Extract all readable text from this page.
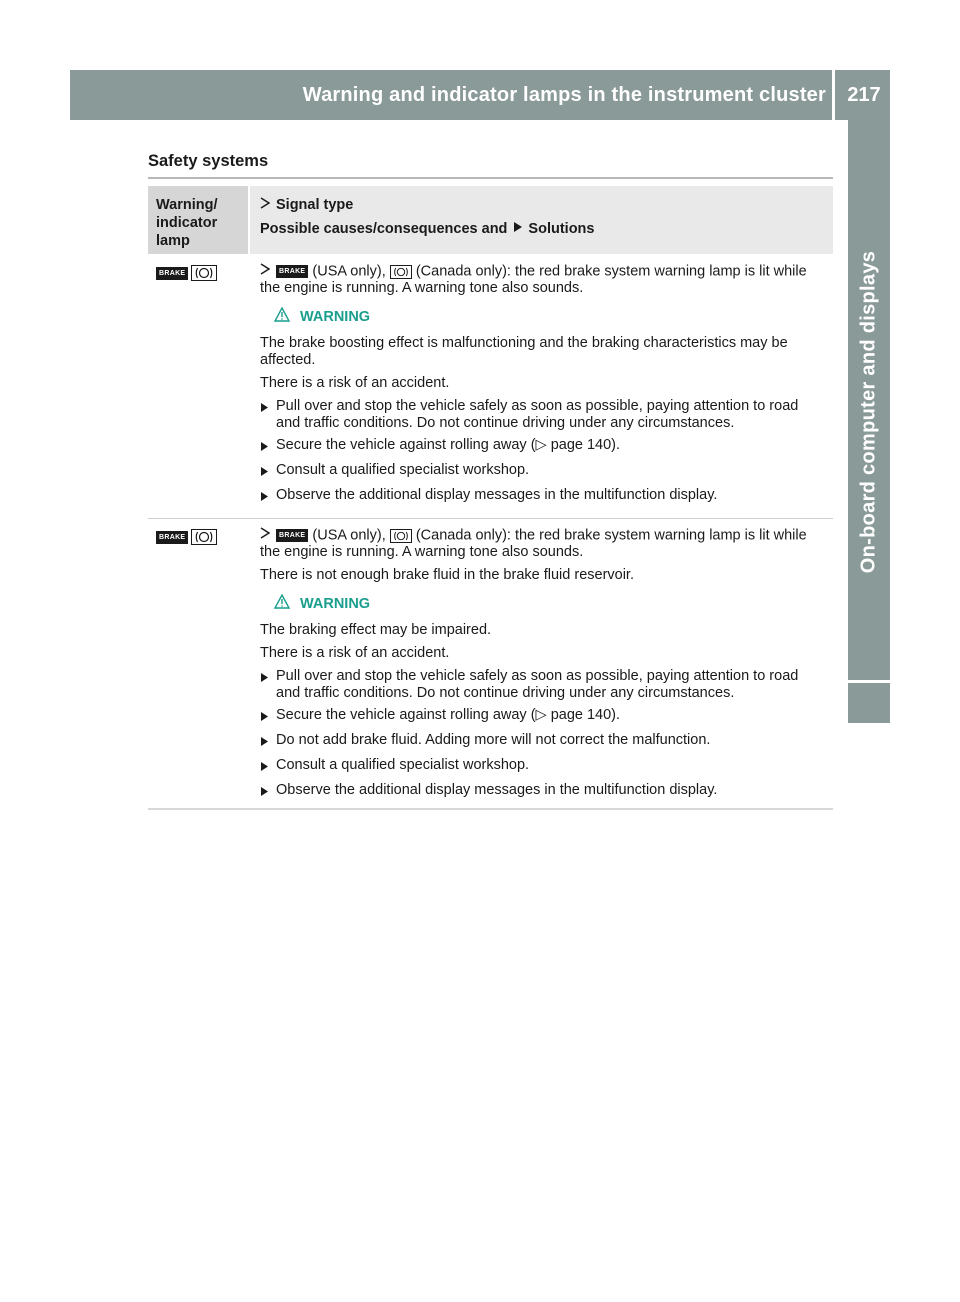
Warning and indicator lamps in the instrument cluster	217
On-board computer and displays
Safety systems
Warning/ indicator lamp
Signal type
Possible causes/consequences and Solutions
BRAKE	BRAKE (USA only), (Canada only): the red brake system warning lamp is lit while the engine is running. A warning tone also sounds.
WARNING
The brake boosting effect is malfunctioning and the braking characteristics may be affected.
There is a risk of an accident.
Pull over and stop the vehicle safely as soon as possible, paying attention to road and traffic conditions. Do not continue driving under any circumstances.
Secure the vehicle against rolling away (▷ page 140).
Consult a qualified specialist workshop.
Observe the additional display messages in the multifunction display.
BRAKE	BRAKE (USA only), (Canada only): the red brake system warning lamp is lit while the engine is running. A warning tone also sounds.
There is not enough brake fluid in the brake fluid reservoir.
WARNING
The braking effect may be impaired.
There is a risk of an accident.
Pull over and stop the vehicle safely as soon as possible, paying attention to road and traffic conditions. Do not continue driving under any circumstances.
Secure the vehicle against rolling away (▷ page 140).
Do not add brake fluid. Adding more will not correct the malfunction.
Consult a qualified specialist workshop.
Observe the additional display messages in the multifunction display.
